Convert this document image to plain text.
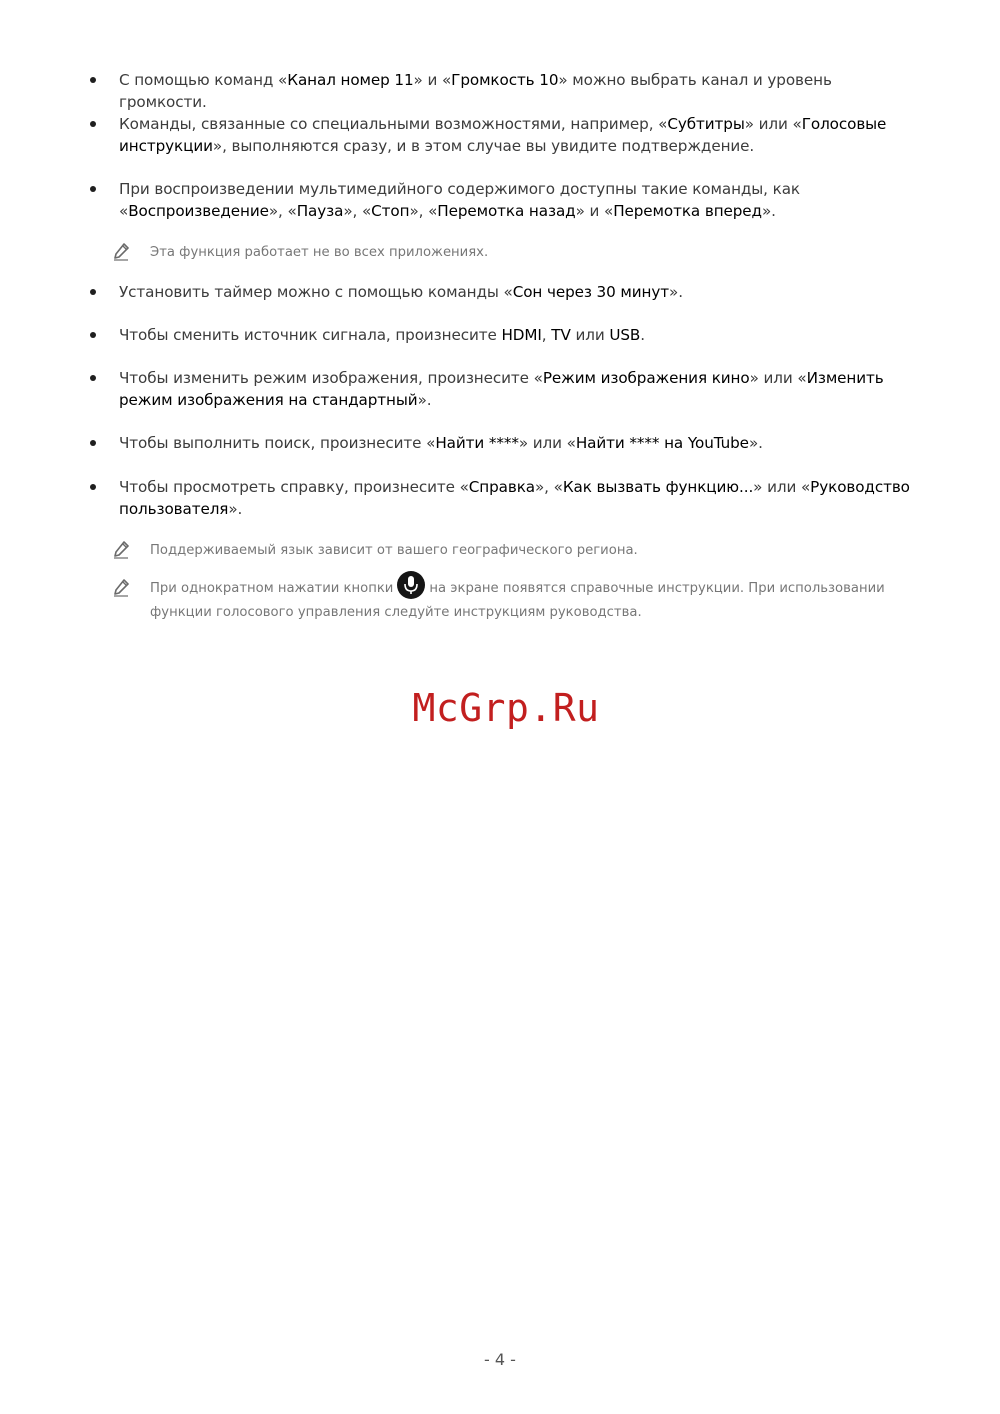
С помощью команд «Канал номер 11» и «Громкость 10» можно выбрать канал и уровень громкости.
Команды, связанные со специальными возможностями, например, «Субтитры» или «Голосовые инструкции», выполняются сразу, и в этом случае вы увидите подтверждение.
При воспроизведении мультимедийного содержимого доступны такие команды, как «Воспроизведение», «Пауза», «Стоп», «Перемотка назад» и «Перемотка вперед».
Эта функция работает не во всех приложениях.
Установить таймер можно с помощью команды «Сон через 30 минут».
Чтобы сменить источник сигнала, произнесите HDMI, TV или USB.
Чтобы изменить режим изображения, произнесите «Режим изображения кино» или «Изменить режим изображения на стандартный».
Чтобы выполнить поиск, произнесите «Найти ****» или «Найти **** на YouTube».
Чтобы просмотреть справку, произнесите «Справка», «Как вызвать функцию...» или «Руководство пользователя».
Поддерживаемый язык зависит от вашего географического региона.
При однократном нажатии кнопки	на экране появятся справочные инструкции. При использовании функции голосового управления следуйте инструкциям руководства.
McGrp.Ru
- 4 -
